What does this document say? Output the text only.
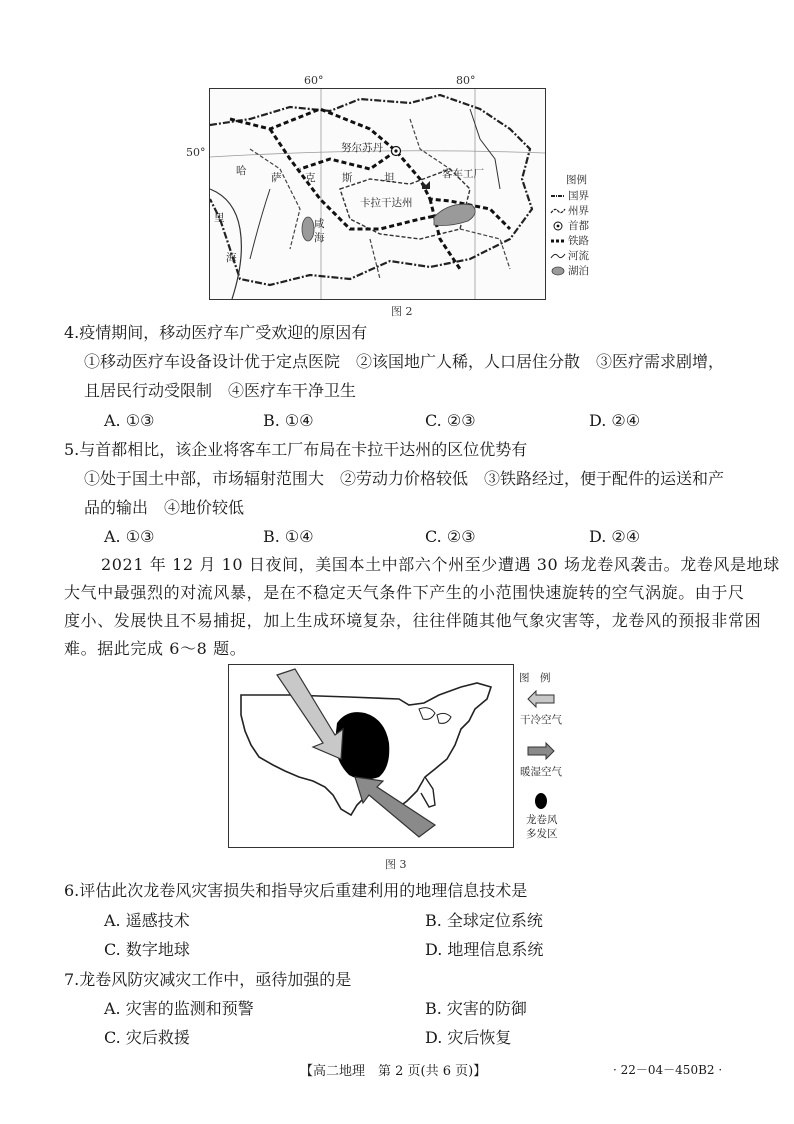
60°	80°
50°	努尔苏丹
客车工厂
卡拉干达州
哈
萨 克	斯	坦
里
海
咸
海
图例
国界
州界
首都
铁路
河流
湖泊
图 2
4.疫情期间，移动医疗车广受欢迎的原因有
①移动医疗车设备设计优于定点医院　②该国地广人稀，人口居住分散　③医疗需求剧增，
且居民行动受限制　④医疗车干净卫生
A. ①③	B. ①④	C. ②③	D. ②④
5.与首都相比，该企业将客车工厂布局在卡拉干达州的区位优势有
①处于国土中部，市场辐射范围大　②劳动力价格较低　③铁路经过，便于配件的运送和产
品的输出　④地价较低
A. ①③	B. ①④	C. ②③	D. ②④
2021 年 12 月 10 日夜间，美国本土中部六个州至少遭遇 30 场龙卷风袭击。龙卷风是地球
大气中最强烈的对流风暴，是在不稳定天气条件下产生的小范围快速旋转的空气涡旋。由于尺
度小、发展快且不易捕捉，加上生成环境复杂，往往伴随其他气象灾害等，龙卷风的预报非常困
难。据此完成 6～8 题。
图　例
干冷空气
暖湿空气
龙卷风
多发区
图 3
6.评估此次龙卷风灾害损失和指导灾后重建利用的地理信息技术是
A. 遥感技术	B. 全球定位系统
C. 数字地球	D. 地理信息系统
7.龙卷风防灾减灾工作中，亟待加强的是
A. 灾害的监测和预警	B. 灾害的防御
C. 灾后救援	D. 灾后恢复
【高二地理　第 2 页(共 6 页)】	· 22－04－450B2 ·
